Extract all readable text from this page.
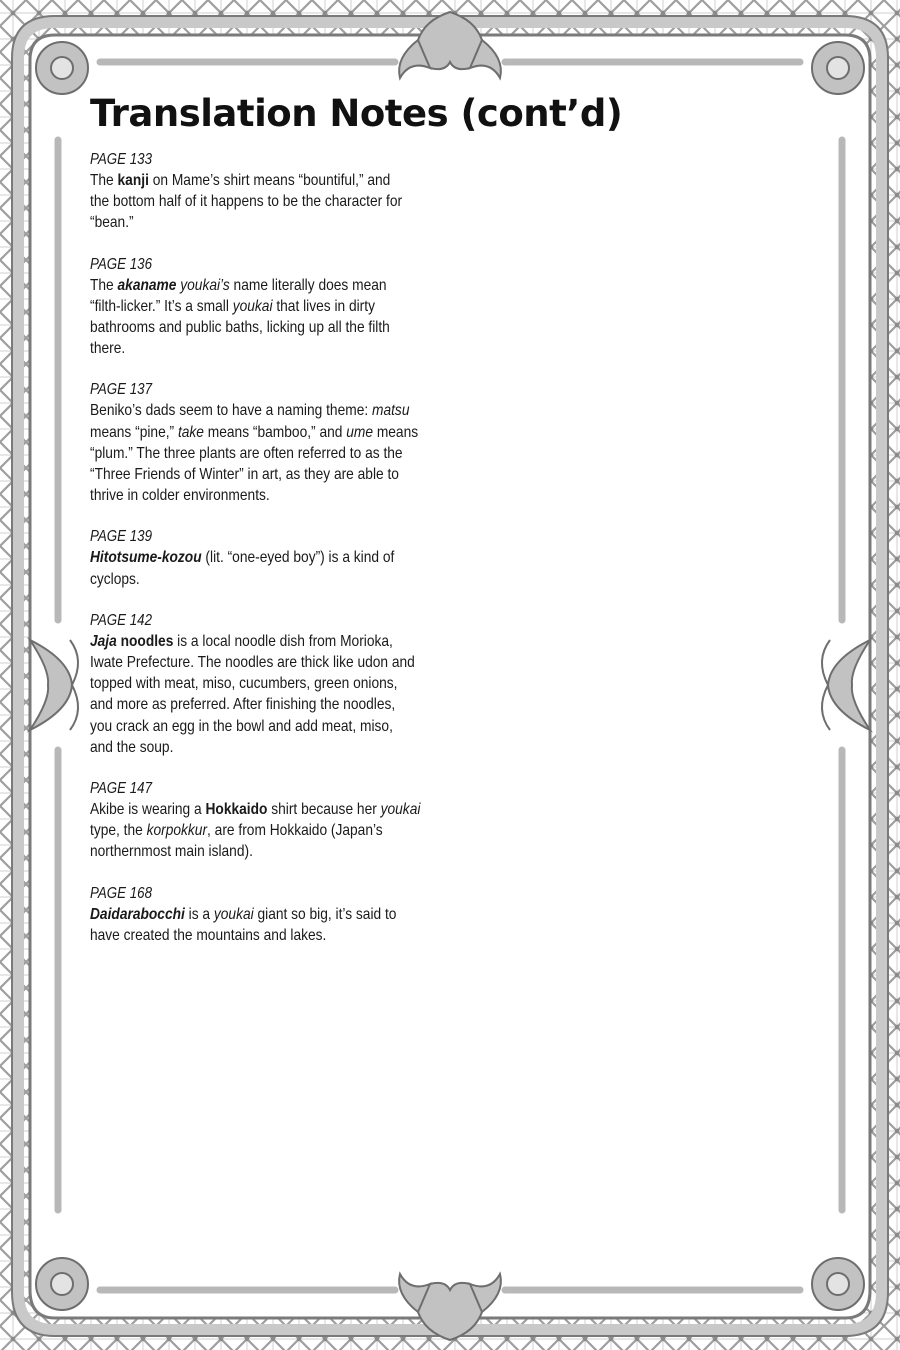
Translation Notes (cont’d)
PAGE 133
The kanji on Mame’s shirt means “bountiful,” and
the bottom half of it happens to be the character for
“bean.”
PAGE 136
The akaname youkai’s name literally does mean
“filth-licker.” It’s a small youkai that lives in dirty
bathrooms and public baths, licking up all the filth
there.
PAGE 137
Beniko’s dads seem to have a naming theme: matsu
means “pine,” take means “bamboo,” and ume means
“plum.” The three plants are often referred to as the
“Three Friends of Winter” in art, as they are able to
thrive in colder environments.
PAGE 139
Hitotsume-kozou (lit. “one-eyed boy”) is a kind of
cyclops.
PAGE 142
Jaja noodles is a local noodle dish from Morioka,
Iwate Prefecture. The noodles are thick like udon and
topped with meat, miso, cucumbers, green onions,
and more as preferred. After finishing the noodles,
you crack an egg in the bowl and add meat, miso,
and the soup.
PAGE 147
Akibe is wearing a Hokkaido shirt because her youkai
type, the korpokkur, are from Hokkaido (Japan’s
northernmost main island).
PAGE 168
Daidarabocchi is a youkai giant so big, it’s said to
have created the mountains and lakes.
